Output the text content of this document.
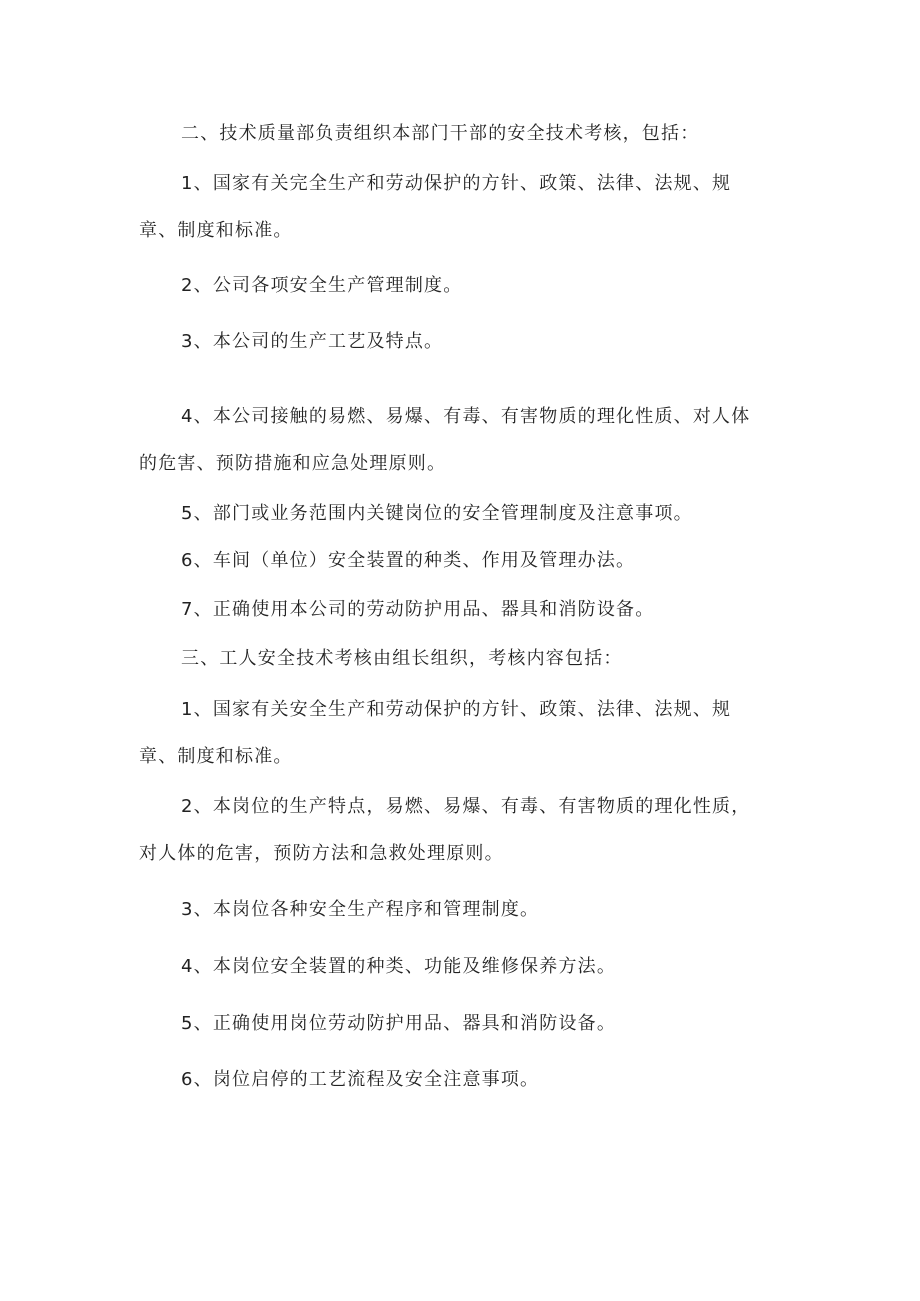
二、技术质量部负责组织本部门干部的安全技术考核，包括：
1、国家有关完全生产和劳动保护的方针、政策、法律、法规、规
章、制度和标准。
2、公司各项安全生产管理制度。
3、本公司的生产工艺及特点。
4、本公司接触的易燃、易爆、有毒、有害物质的理化性质、对人体
的危害、预防措施和应急处理原则。
5、部门或业务范围内关键岗位的安全管理制度及注意事项。
6、车间（单位）安全装置的种类、作用及管理办法。
7、正确使用本公司的劳动防护用品、器具和消防设备。
三、工人安全技术考核由组长组织，考核内容包括：
1、国家有关安全生产和劳动保护的方针、政策、法律、法规、规
章、制度和标准。
2、本岗位的生产特点，易燃、易爆、有毒、有害物质的理化性质，
对人体的危害，预防方法和急救处理原则。
3、本岗位各种安全生产程序和管理制度。
4、本岗位安全装置的种类、功能及维修保养方法。
5、正确使用岗位劳动防护用品、器具和消防设备。
6、岗位启停的工艺流程及安全注意事项。
